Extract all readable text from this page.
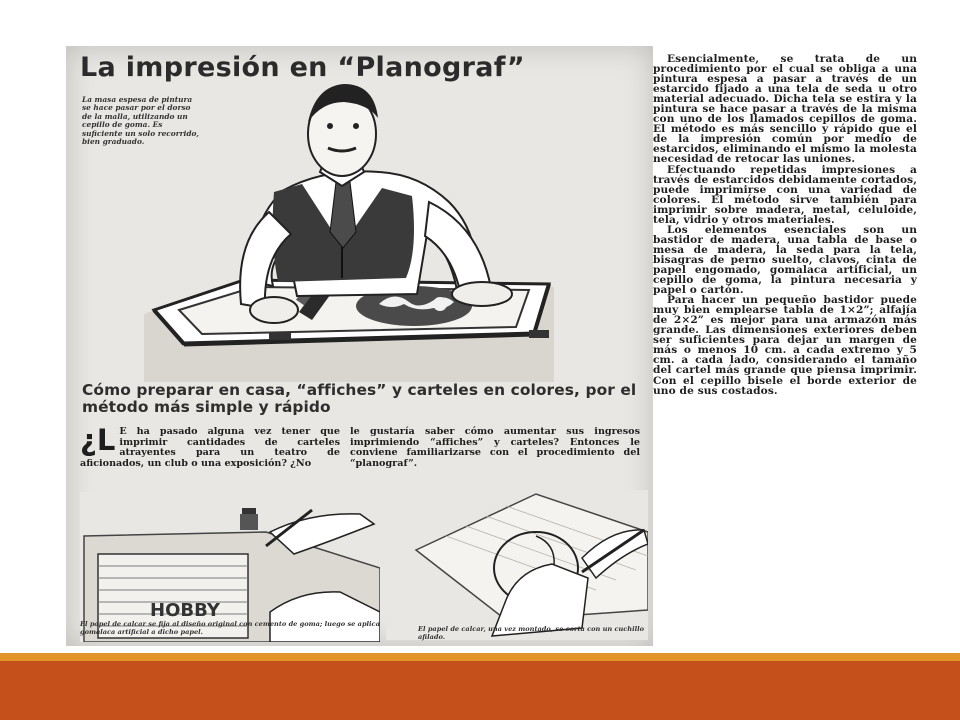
La impresión en “Planograf”
La masa espesa de pintura se hace pasar por el dorso de la malla, utilizando un cepillo de goma. Es suficiente un solo recorrido, bien graduado.
Cómo preparar en casa, “affiches” y carteles en colores, por el método más simple y rápido
¿L E ha pasado alguna vez tener que imprimir cantidades de carteles atrayentes para un teatro de aficionados, un club o una exposición? ¿No
le gustaría saber cómo aumentar sus ingresos imprimiendo “affiches” y carteles? Entonces le conviene familiarizarse con el procedimiento del “planograf”.
HOBBY
El papel de calcar se fija al diseño original con cemento de goma; luego se aplica gomalaca artificial a dicho papel.	El papel de calcar, una vez montado, se corta con un cuchillo afilado.

Esencialmente, se trata de un procedimiento por el cual se obliga a una pintura espesa a pasar a través de un estarcido fijado a una tela de seda u otro material adecuado. Dicha tela se estira y la pintura se hace pasar a través de la misma con uno de los llamados cepillos de goma. El método es más sencillo y rápido que el de la impresión común por medio de estarcidos, eliminando el mismo la molesta necesidad de retocar las uniones.

Efectuando repetidas impresiones a través de estarcidos debidamente cortados, puede imprimirse con una variedad de colores. El método sirve también para imprimir sobre madera, metal, celuloide, tela, vidrio y otros materiales.

Los elementos esenciales son un bastidor de madera, una tabla de base o mesa de madera, la seda para la tela, bisagras de perno suelto, clavos, cinta de papel engomado, gomalaca artificial, un cepillo de goma, la pintura necesaria y papel o cartón.

Para hacer un pequeño bastidor puede muy bien emplearse tabla de 1×2”; alfajía de 2×2” es mejor para una armazón más grande. Las dimensiones exteriores deben ser suficientes para dejar un margen de más o menos 10 cm. a cada extremo y 5 cm. a cada lado, considerando el tamaño del cartel más grande que piensa imprimir. Con el cepillo bisele el borde exterior de uno de sus costados.
